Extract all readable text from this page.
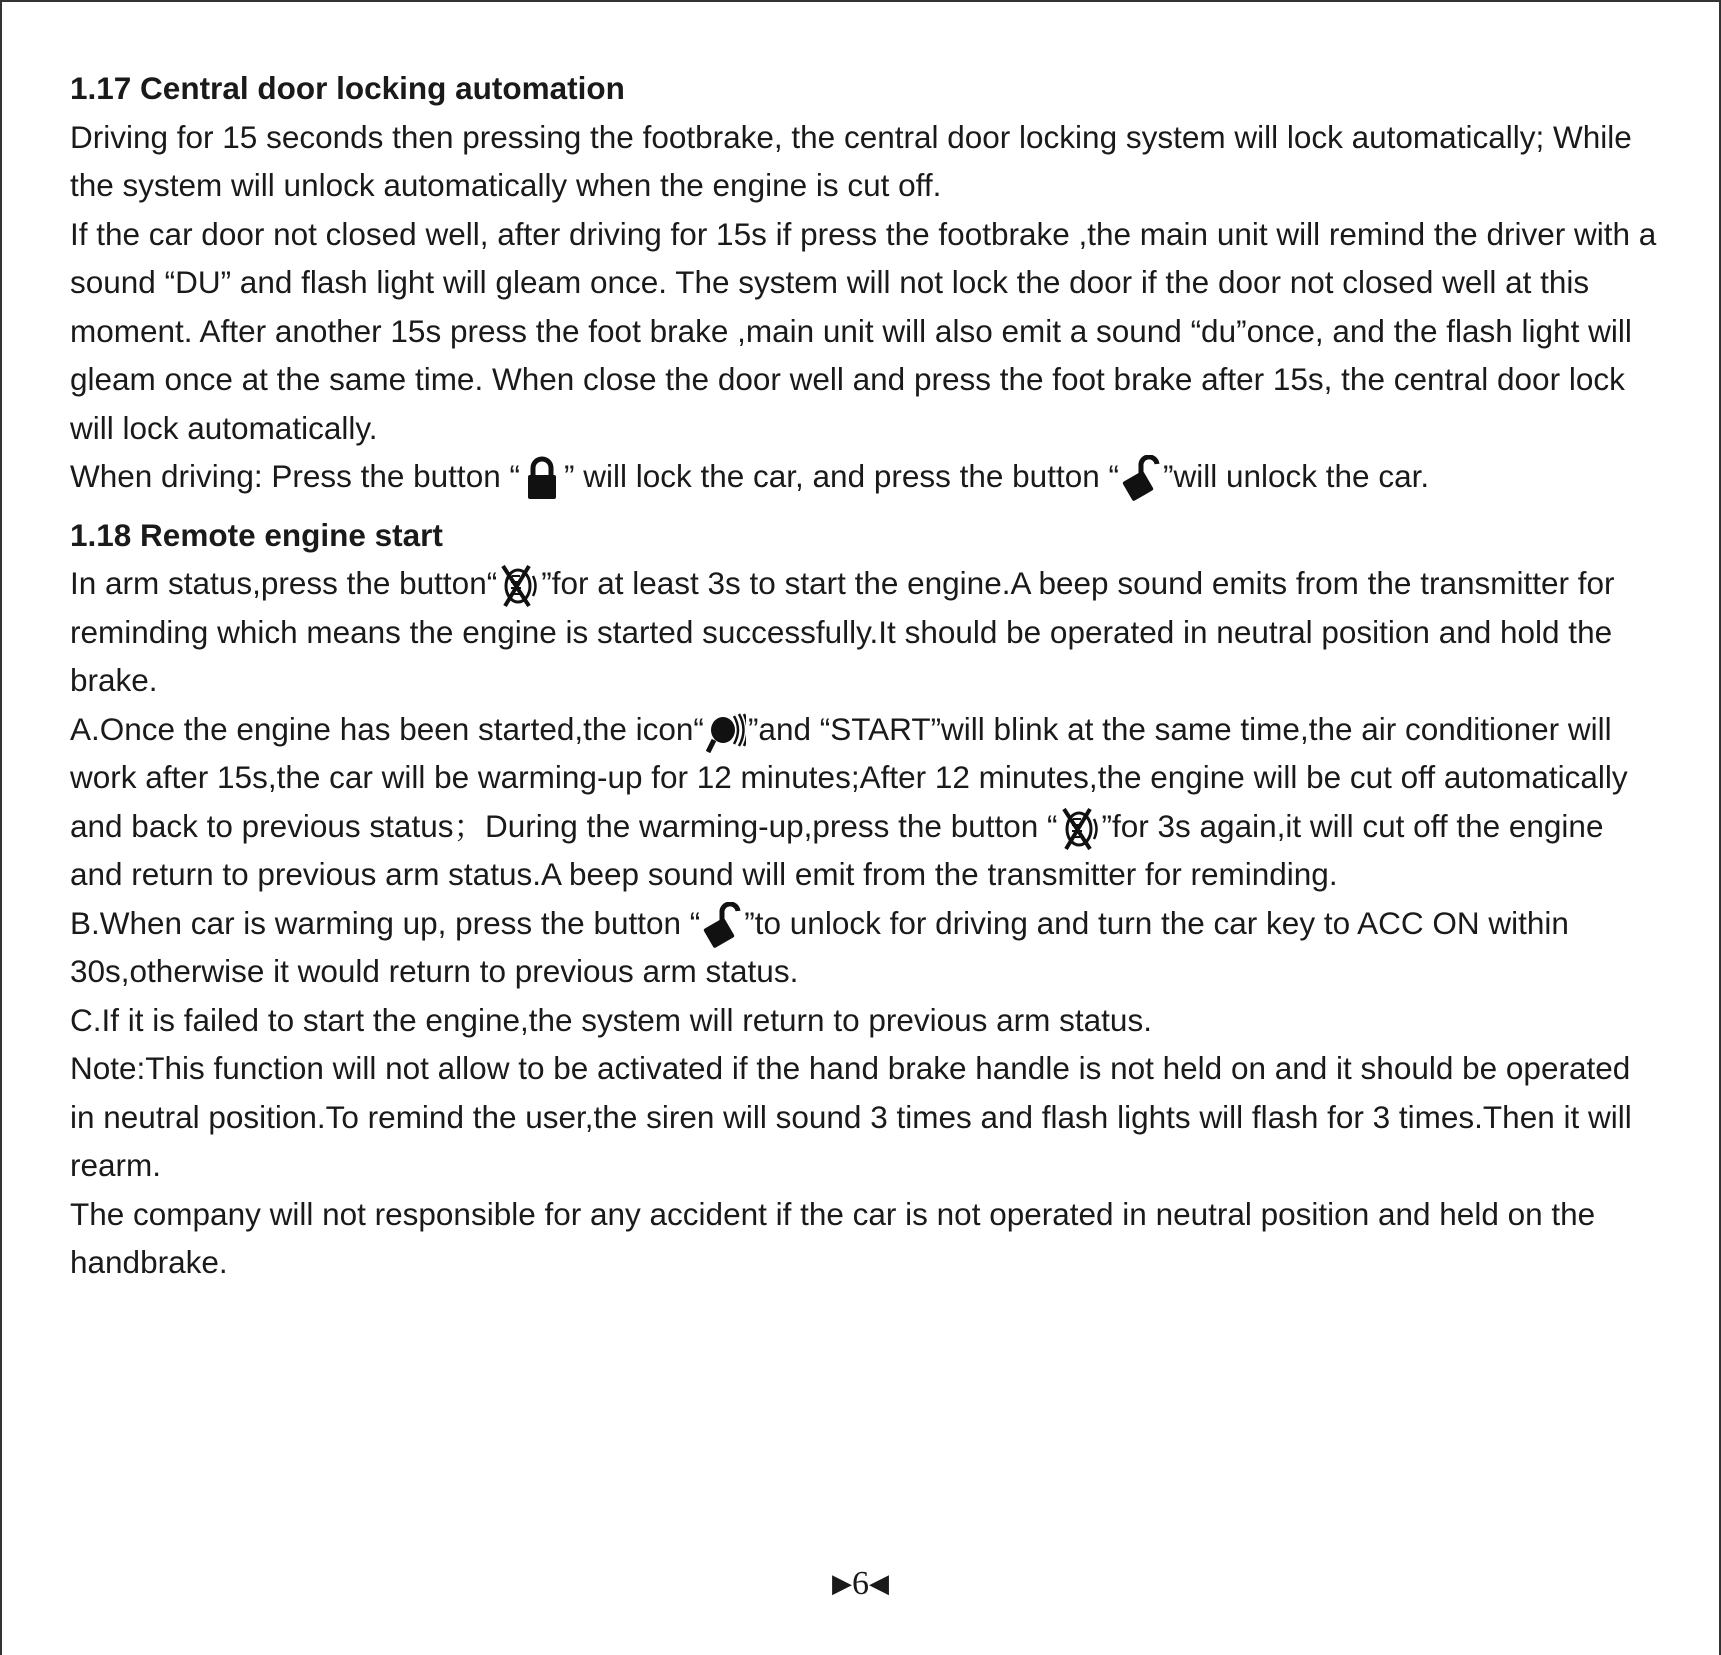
1.17 Central door locking automation

Driving for 15 seconds then pressing the footbrake, the central door locking system will lock automatically; While the system will unlock automatically when the engine is cut off.

If the car door not closed well, after driving for 15s if press the footbrake ,the main unit will remind the driver with a sound “DU” and flash light will gleam once. The system will not lock the door if the door not closed well at this moment. After another 15s press the foot brake ,main unit will also emit a sound “du”once, and the flash light will gleam once at the same time. When close the door well and press the foot brake after 15s, the central door lock will lock automatically.

When driving: Press the button “ ” will lock the car, and press the button “ ”will unlock the car.

1.18 Remote engine start

In arm status,press the button“ ”for at least 3s to start the engine.A beep sound emits from the transmitter for reminding which means the engine is started successfully.It should be operated in neutral position and hold the brake.

A.Once the engine has been started,the icon“ ”and “START”will blink at the same time,the air conditioner will work after 15s,the car will be warming-up for 12 minutes;After 12 minutes,the engine will be cut off automatically and back to previous status；During the warming-up,press the button “ ”for 3s again,it will cut off the engine and return to previous arm status.A beep sound will emit from the transmitter for reminding.

B.When car is warming up, press the button “ ”to unlock for driving and turn the car key to ACC ON within 30s,otherwise it would return to previous arm status.

C.If it is failed to start the engine,the system will return to previous arm status.

Note:This function will not allow to be activated if the hand brake handle is not held on and it should be operated in neutral position.To remind the user,the siren will sound 3 times and flash lights will flash for 3 times.Then it will rearm.

The company will not responsible for any accident if the car is not operated in neutral position and held on the handbrake.

▶6◀
